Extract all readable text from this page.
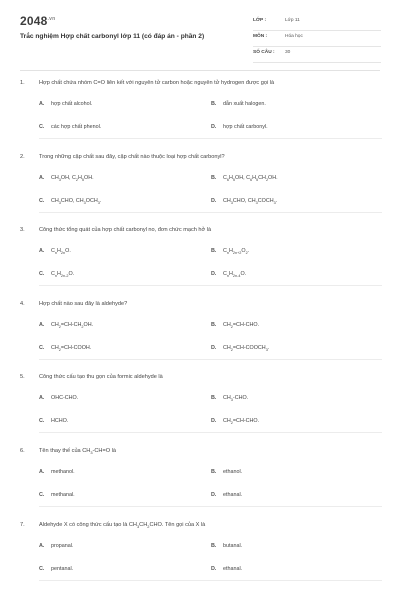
$2048^{.vn}$
Trắc nghiệm Hợp chất carbonyl lớp 11 (có đáp án - phần 2)
LỚP :	Lớp 11
MÔN :	Hóa học
SỐ CÂU : 30
1.	Hợp chất chứa nhóm C=O liên kết với nguyên tử carbon hoặc nguyên tử hydrogen được gọi là
A. hợp chất alcohol.	B. dẫn xuất halogen.
C. các hợp chất phenol.	D. hợp chất carbonyl.
2.	Trong những cặp chất sau đây, cặp chất nào thuộc loại hợp chất carbonyl?
A. $CH_3OH$, $C_2H_5OH$.	B. $C_6H_5OH$, $C_6H_5CH_2OH$.
C. $CH_3CHO$, $CH_3OCH_3$.	D. $CH_3CHO$, $CH_3COCH_3$.
3.	Công thức tổng quát của hợp chất carbonyl no, đơn chức mạch hở là
A. $C_nH_{2n}O$.	B. $C_nH_{2n+2}O_2$.
C. $C_nH_{2n-2}O$.	D. $C_nH_{2n-4}O$.
4.	Hợp chất nào sau đây là aldehyde?
A. $CH_2=CH-CH_2OH$.	B. $CH_2=CH$-CHO.
C. $CH_2=CH$-COOH.	D. $CH_2=CH-COOCH_3$.
5.	Công thức cấu tạo thu gọn của formic aldehyde là
A. OHC-CHO.	B. $CH_3$-CHO.
C. HCHO.	D. $CH_2=CH$-CHO.
6.	Tên thay thế của $CH_3-CH=O$ là
A. methanol.	B. ethanol.
C. methanal.	D. ethanal.
7.	Aldehyde X có công thức cấu tạo là $CH_3CH_2CHO$. Tên gọi của X là
A. propanal.	B. butanal.
C. pentanal.	D. ethanal.
